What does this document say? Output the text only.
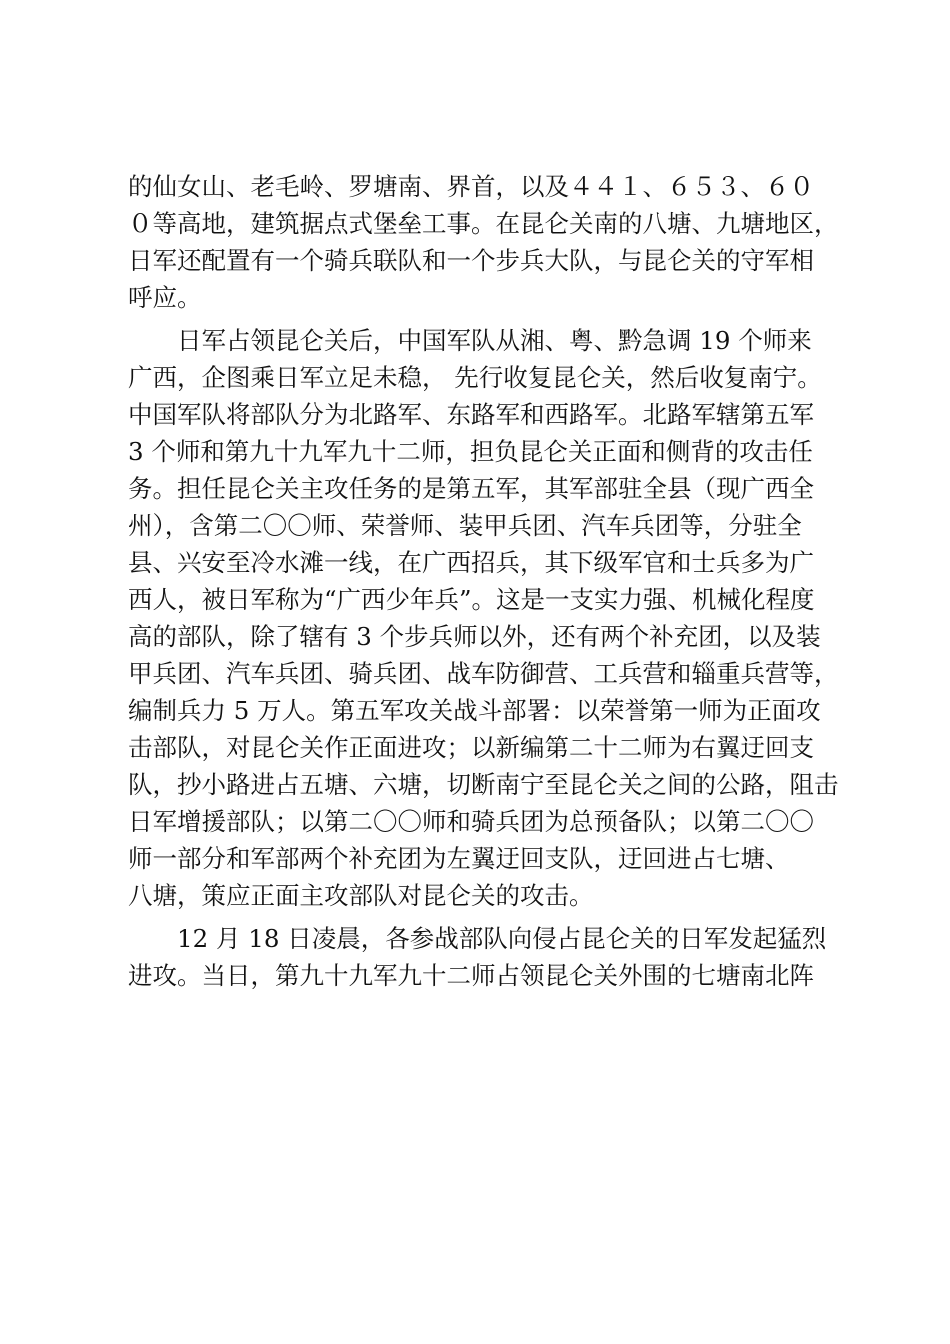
的仙女山、老毛岭、罗塘南、界首，以及４４１、６５３、６０
０等高地，建筑据点式堡垒工事。在昆仑关南的八塘、九塘地区，
日军还配置有一个骑兵联队和一个步兵大队，与昆仑关的守军相
呼应。
　　日军占领昆仑关后，中国军队从湘、粤、黔急调 19 个师来
广西，企图乘日军立足未稳， 先行收复昆仑关，然后收复南宁。
中国军队将部队分为北路军、东路军和西路军。北路军辖第五军
3 个师和第九十九军九十二师，担负昆仑关正面和侧背的攻击任
务。担任昆仑关主攻任务的是第五军，其军部驻全县（现广西全
州），含第二〇〇师、荣誉师、装甲兵团、汽车兵团等，分驻全
县、兴安至冷水滩一线，在广西招兵，其下级军官和士兵多为广
西人，被日军称为“广西少年兵”。这是一支实力强、机械化程度
高的部队，除了辖有 3 个步兵师以外，还有两个补充团，以及装
甲兵团、汽车兵团、骑兵团、战车防御营、工兵营和辎重兵营等，
编制兵力 5 万人。第五军攻关战斗部署：以荣誉第一师为正面攻
击部队，对昆仑关作正面进攻；以新编第二十二师为右翼迂回支
队，抄小路进占五塘、六塘，切断南宁至昆仑关之间的公路，阻击
日军增援部队；以第二〇〇师和骑兵团为总预备队；以第二〇〇
师一部分和军部两个补充团为左翼迂回支队，迂回进占七塘、
八塘，策应正面主攻部队对昆仑关的攻击。
　　12 月 18 日凌晨，各参战部队向侵占昆仑关的日军发起猛烈
进攻。当日，第九十九军九十二师占领昆仑关外围的七塘南北阵
